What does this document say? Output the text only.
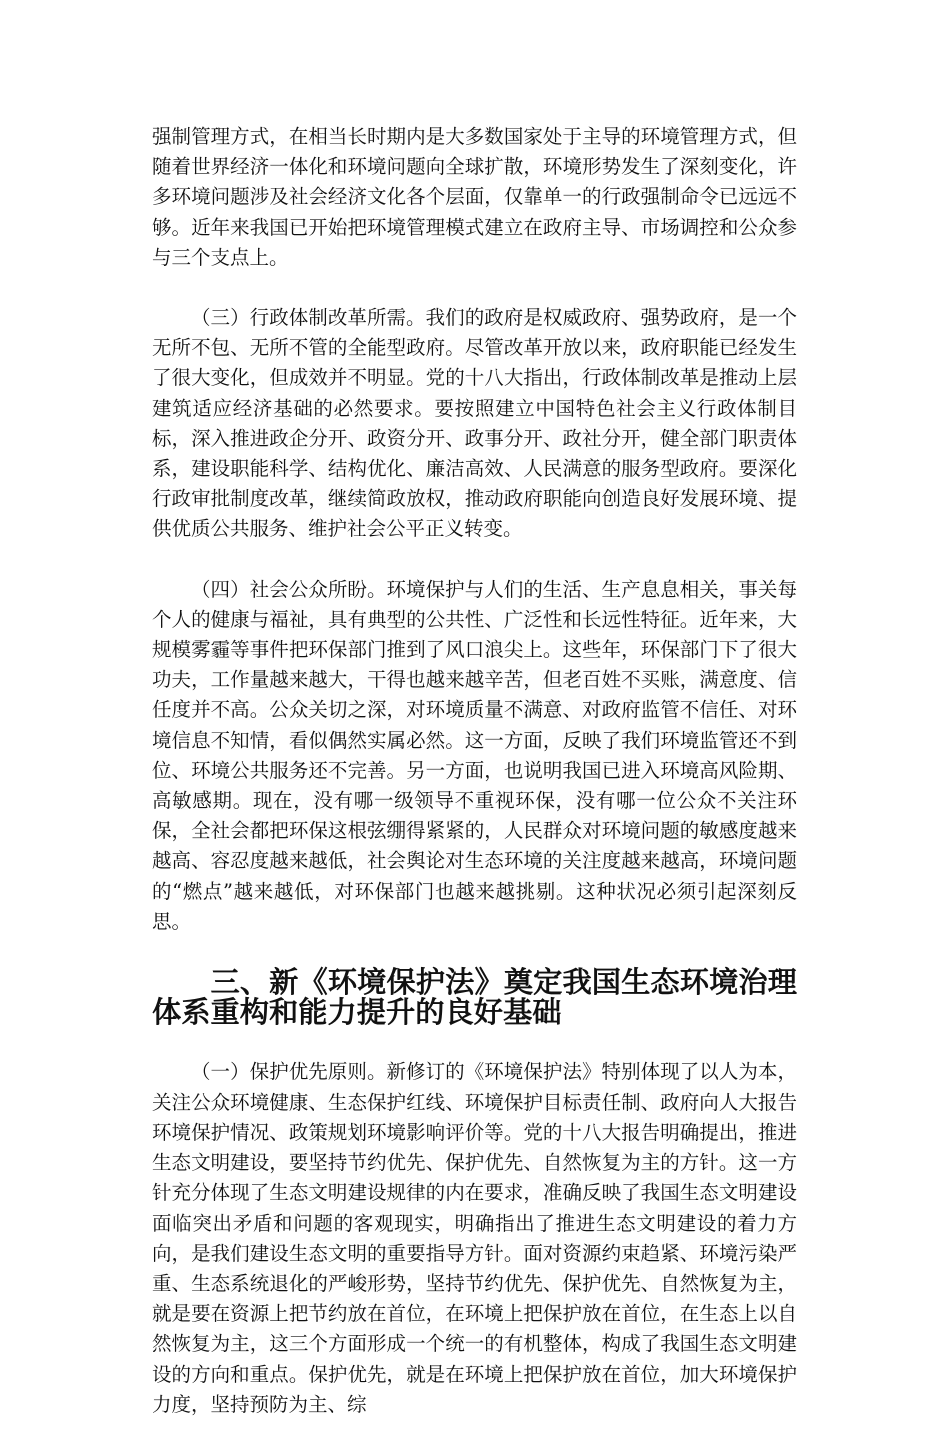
强制管理方式，在相当长时期内是大多数国家处于主导的环境管理方式，但随着世界经济一体化和环境问题向全球扩散，环境形势发生了深刻变化，许多环境问题涉及社会经济文化各个层面，仅靠单一的行政强制命令已远远不够。近年来我国已开始把环境管理模式建立在政府主导、市场调控和公众参与三个支点上。

（三）行政体制改革所需。我们的政府是权威政府、强势政府，是一个无所不包、无所不管的全能型政府。尽管改革开放以来，政府职能已经发生了很大变化，但成效并不明显。党的十八大指出，行政体制改革是推动上层建筑适应经济基础的必然要求。要按照建立中国特色社会主义行政体制目标，深入推进政企分开、政资分开、政事分开、政社分开，健全部门职责体系，建设职能科学、结构优化、廉洁高效、人民满意的服务型政府。要深化行政审批制度改革，继续简政放权，推动政府职能向创造良好发展环境、提供优质公共服务、维护社会公平正义转变。

（四）社会公众所盼。环境保护与人们的生活、生产息息相关，事关每个人的健康与福祉，具有典型的公共性、广泛性和长远性特征。近年来，大规模雾霾等事件把环保部门推到了风口浪尖上。这些年，环保部门下了很大功夫，工作量越来越大，干得也越来越辛苦，但老百姓不买账，满意度、信任度并不高。公众关切之深，对环境质量不满意、对政府监管不信任、对环境信息不知情，看似偶然实属必然。这一方面，反映了我们环境监管还不到位、环境公共服务还不完善。另一方面，也说明我国已进入环境高风险期、高敏感期。现在，没有哪一级领导不重视环保，没有哪一位公众不关注环保，全社会都把环保这根弦绷得紧紧的，人民群众对环境问题的敏感度越来越高、容忍度越来越低，社会舆论对生态环境的关注度越来越高，环境问题的“燃点”越来越低，对环保部门也越来越挑剔。这种状况必须引起深刻反思。

三、新《环境保护法》奠定我国生态环境治理体系重构和能力提升的良好基础

（一）保护优先原则。新修订的《环境保护法》特别体现了以人为本，关注公众环境健康、生态保护红线、环境保护目标责任制、政府向人大报告环境保护情况、政策规划环境影响评价等。党的十八大报告明确提出，推进生态文明建设，要坚持节约优先、保护优先、自然恢复为主的方针。这一方针充分体现了生态文明建设规律的内在要求，准确反映了我国生态文明建设面临突出矛盾和问题的客观现实，明确指出了推进生态文明建设的着力方向，是我们建设生态文明的重要指导方针。面对资源约束趋紧、环境污染严重、生态系统退化的严峻形势，坚持节约优先、保护优先、自然恢复为主，就是要在资源上把节约放在首位，在环境上把保护放在首位，在生态上以自然恢复为主，这三个方面形成一个统一的有机整体，构成了我国生态文明建设的方向和重点。保护优先，就是在环境上把保护放在首位，加大环境保护力度，坚持预防为主、综
